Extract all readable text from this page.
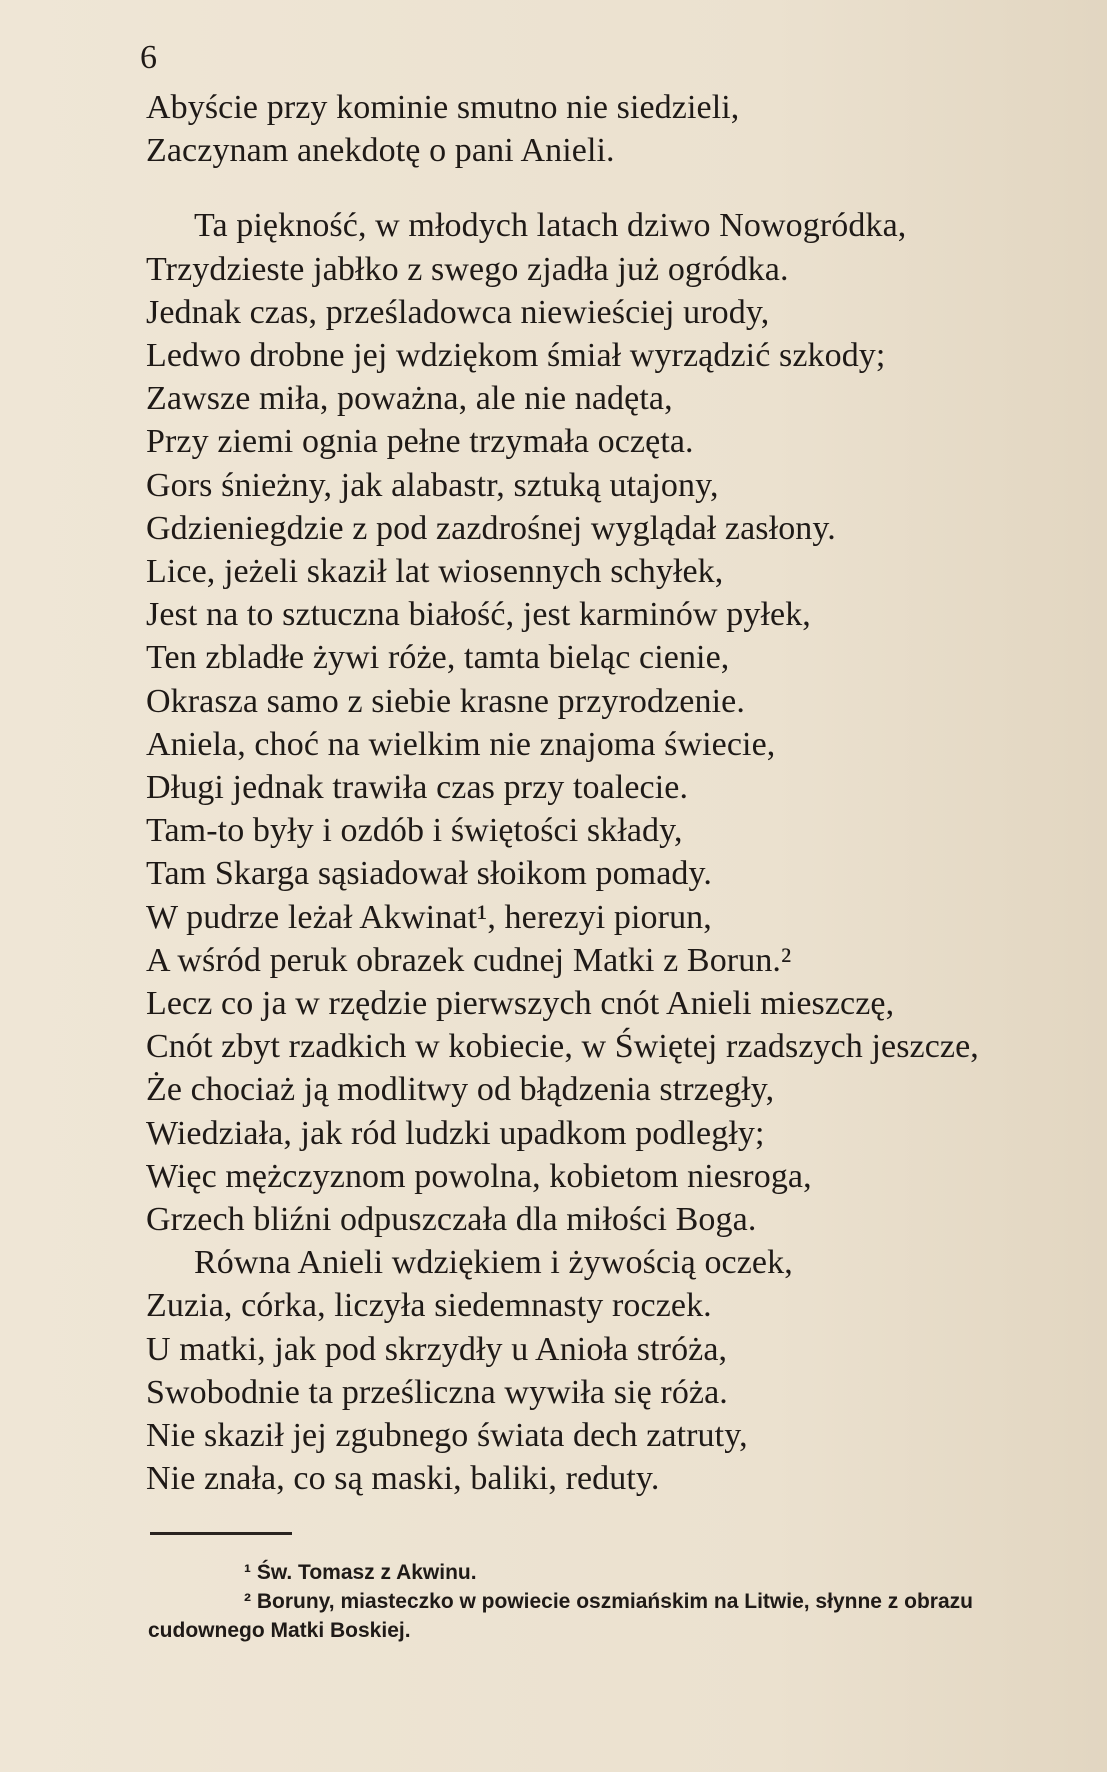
6
Abyście przy kominie smutno nie siedzieli,
Zaczynam anekdotę o pani Anieli.
Ta piękność, w młodych latach dziwo Nowogródka,
Trzydzieste jabłko z swego zjadła już ogródka.
Jednak czas, prześladowca niewieściej urody,
Ledwo drobne jej wdziękom śmiał wyrządzić szkody;
Zawsze miła, poważna, ale nie nadęta,
Przy ziemi ognia pełne trzymała oczęta.
Gors śnieżny, jak alabastr, sztuką utajony,
Gdzieniegdzie z pod zazdrośnej wyglądał zasłony.
Lice, jeżeli skaził lat wiosennych schyłek,
Jest na to sztuczna białość, jest karminów pyłek,
Ten zbladłe żywi róże, tamta bieląc cienie,
Okrasza samo z siebie krasne przyrodzenie.
Aniela, choć na wielkim nie znajoma świecie,
Długi jednak trawiła czas przy toalecie.
Tam-to były i ozdób i świętości składy,
Tam Skarga sąsiadował słoikom pomady.
W pudrze leżał Akwinat¹, herezyi piorun,
A wśród peruk obrazek cudnej Matki z Borun.²
Lecz co ja w rzędzie pierwszych cnót Anieli mieszczę,
Cnót zbyt rzadkich w kobiecie, w Świętej rzadszych jeszcze,
Że chociaż ją modlitwy od błądzenia strzegły,
Wiedziała, jak ród ludzki upadkom podległy;
Więc mężczyznom powolna, kobietom niesroga,
Grzech bliźni odpuszczała dla miłości Boga.
Równa Anieli wdziękiem i żywością oczek,
Zuzia, córka, liczyła siedemnasty roczek.
U matki, jak pod skrzydły u Anioła stróża,
Swobodnie ta prześliczna wywiła się róża.
Nie skaził jej zgubnego świata dech zatruty,
Nie znała, co są maski, baliki, reduty.
¹ Św. Tomasz z Akwinu.
² Boruny, miasteczko w powiecie oszmiańskim na Litwie, słynne z obrazu
cudownego Matki Boskiej.
